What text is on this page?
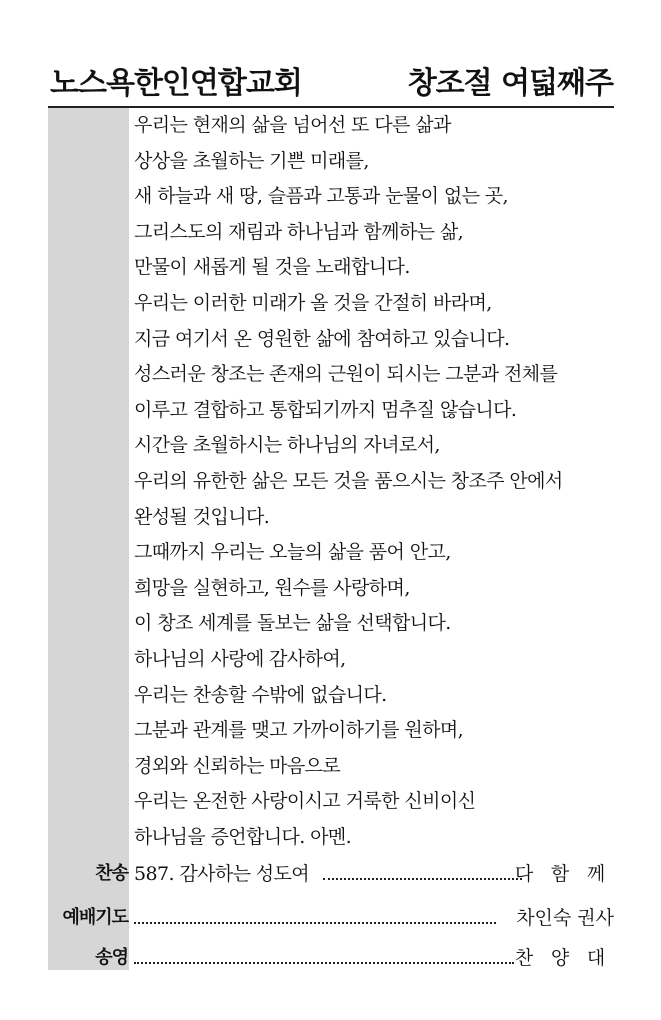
노스욕한인연합교회	창조절 여덟째주
우리는 현재의 삶을 넘어선 또 다른 삶과
상상을 초월하는 기쁜 미래를,
새 하늘과 새 땅, 슬픔과 고통과 눈물이 없는 곳,
그리스도의 재림과 하나님과 함께하는 삶,
만물이 새롭게 될 것을 노래합니다.
우리는 이러한 미래가 올 것을 간절히 바라며,
지금 여기서 온 영원한 삶에 참여하고 있습니다.
성스러운 창조는 존재의 근원이 되시는 그분과 전체를
이루고 결합하고 통합되기까지 멈추질 않습니다.
시간을 초월하시는 하나님의 자녀로서,
우리의 유한한 삶은 모든 것을 품으시는 창조주 안에서
완성될 것입니다.
그때까지 우리는 오늘의 삶을 품어 안고,
희망을 실현하고, 원수를 사랑하며,
이 창조 세계를 돌보는 삶을 선택합니다.
하나님의 사랑에 감사하여,
우리는 찬송할 수밖에 없습니다.
그분과 관계를 맺고 가까이하기를 원하며,
경외와 신뢰하는 마음으로
우리는 온전한 사랑이시고 거룩한 신비이신
하나님을 증언합니다. 아멘.
찬송 587. 감사하는 성도여	다 함 께
예배기도	차인숙 권사
송영	찬 양 대
